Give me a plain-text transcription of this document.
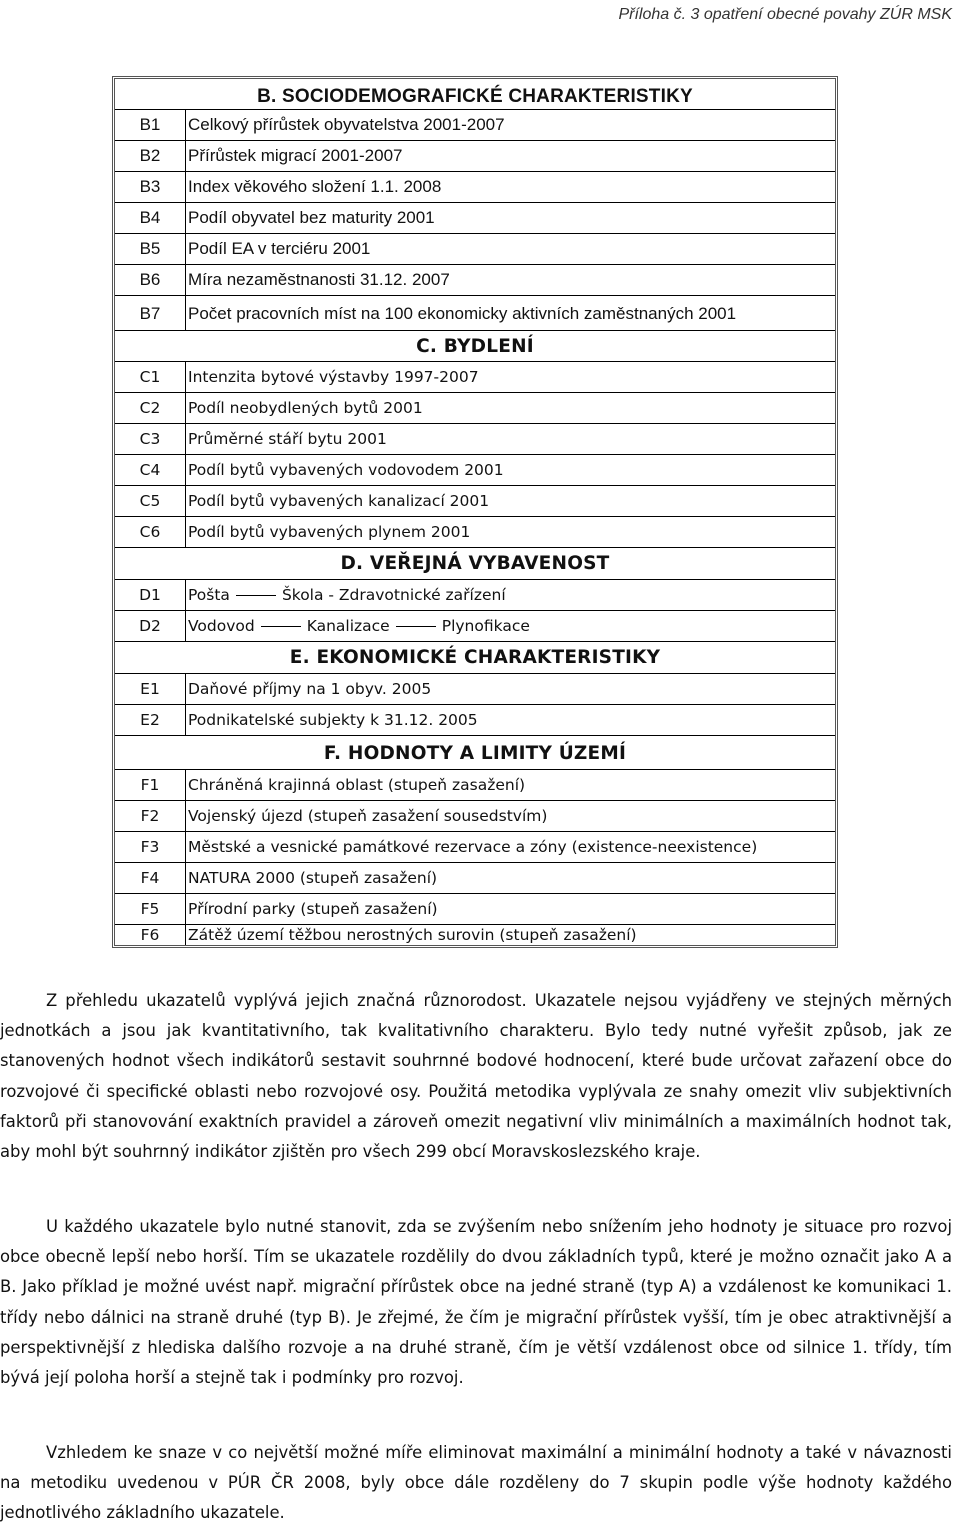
Příloha č. 3 opatření obecné povahy ZÚR MSK
B. SOCIODEMOGRAFICKÉ CHARAKTERISTIKY
B1	Celkový přírůstek obyvatelstva 2001-2007
B2	Přírůstek migrací 2001-2007
B3	Index věkového složení 1.1. 2008
B4	Podíl obyvatel bez maturity 2001
B5	Podíl EA v terciéru 2001
B6	Míra nezaměstnanosti 31.12. 2007
B7	Počet pracovních míst na 100 ekonomicky aktivních zaměstnaných 2001
C. BYDLENÍ
C1	Intenzita bytové výstavby 1997-2007
C2	Podíl neobydlených bytů 2001
C3	Průměrné stáří bytu 2001
C4	Podíl bytů vybavených vodovodem 2001
C5	Podíl bytů vybavených kanalizací 2001
C6	Podíl bytů vybavených plynem 2001
D. VEŘEJNÁ VYBAVENOST
D1	Pošta	Škola - Zdravotnické zařízení
D2	Vodovod	Kanalizace	Plynofikace
E. EKONOMICKÉ CHARAKTERISTIKY
E1	Daňové příjmy na 1 obyv. 2005
E2	Podnikatelské subjekty k 31.12. 2005
F. HODNOTY A LIMITY ÚZEMÍ
F1	Chráněná krajinná oblast (stupeň zasažení)
F2	Vojenský újezd (stupeň zasažení sousedstvím)
F3	Městské a vesnické památkové rezervace a zóny (existence-neexistence)
F4	NATURA 2000 (stupeň zasažení)
F5	Přírodní parky (stupeň zasažení)
F6	Zátěž území těžbou nerostných surovin (stupeň zasažení)

Z přehledu ukazatelů vyplývá jejich značná různorodost. Ukazatele nejsou vyjádřeny ve stejných měrných jednotkách a jsou jak kvantitativního, tak kvalitativního charakteru. Bylo tedy nutné vyřešit způsob, jak ze stanovených hodnot všech indikátorů sestavit souhrnné bodové hodnocení, které bude určovat zařazení obce do rozvojové či specifické oblasti nebo rozvojové osy. Použitá metodika vyplývala ze snahy omezit vliv subjektivních faktorů při stanovování exaktních pravidel a zároveň omezit negativní vliv minimálních a maximálních hodnot tak, aby mohl být souhrnný indikátor zjištěn pro všech 299 obcí Moravskoslezského kraje.

U každého ukazatele bylo nutné stanovit, zda se zvýšením nebo snížením jeho hodnoty je situace pro rozvoj obce obecně lepší nebo horší. Tím se ukazatele rozdělily do dvou základních typů, které je možno označit jako A a B. Jako příklad je možné uvést např. migrační přírůstek obce na jedné straně (typ A) a vzdálenost ke komunikaci 1. třídy nebo dálnici na straně druhé (typ B). Je zřejmé, že čím je migrační přírůstek vyšší, tím je obec atraktivnější a perspektivnější z hlediska dalšího rozvoje a na druhé straně, čím je větší vzdálenost obce od silnice 1. třídy, tím bývá její poloha horší a stejně tak i podmínky pro rozvoj.

Vzhledem ke snaze v co největší možné míře eliminovat maximální a minimální hodnoty a také v návaznosti na metodiku uvedenou v PÚR ČR 2008, byly obce dále rozděleny do 7 skupin podle výše hodnoty každého jednotlivého základního ukazatele.
